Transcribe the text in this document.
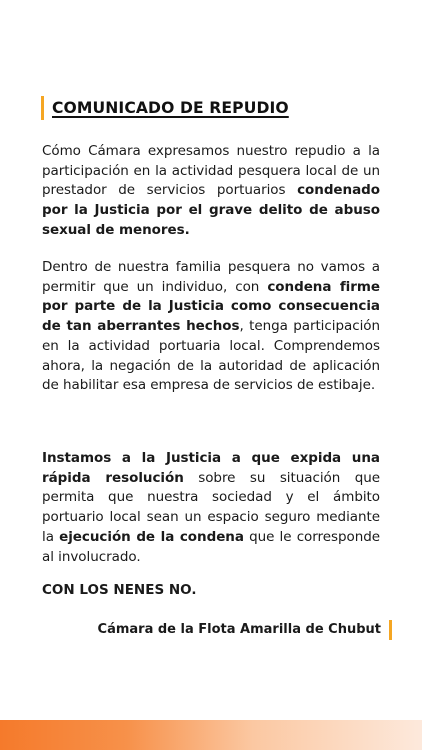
COMUNICADO DE REPUDIO

Cómo Cámara expresamos nuestro repudio a la participación en la actividad pesquera local de un prestador de servicios portuarios condenado por la Justicia por el grave delito de abuso sexual de menores.

Dentro de nuestra familia pesquera no vamos a permitir que un individuo, con condena firme por parte de la Justicia como consecuencia de tan aberrantes hechos, tenga participación en la actividad portuaria local. Comprendemos ahora, la negación de la autoridad de aplicación de habilitar esa empresa de servicios de estibaje.

Instamos a la Justicia a que expida una rápida resolución sobre su situación que permita que nuestra sociedad y el ámbito portuario local sean un espacio seguro mediante la ejecución de la condena que le corresponde al involucrado.

CON LOS NENES NO.

Cámara de la Flota Amarilla de Chubut
